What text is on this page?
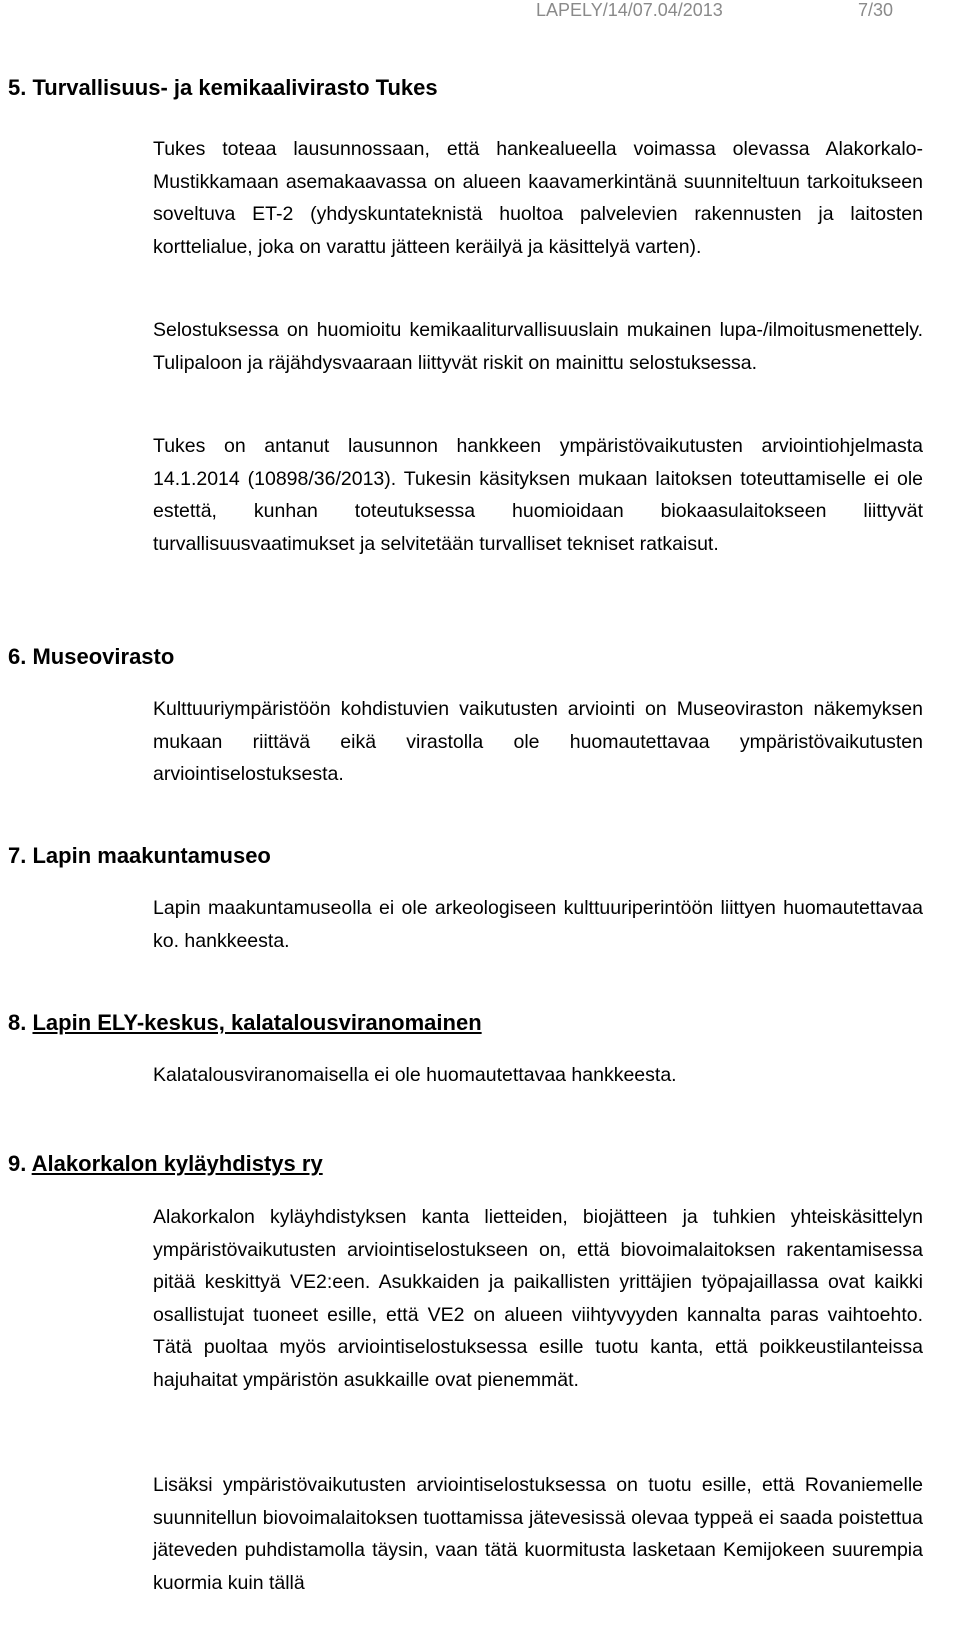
LAPELY/14/07.04/2013	7/30
5. Turvallisuus- ja kemikaalivirasto Tukes
Tukes toteaa lausunnossaan, että hankealueella voimassa olevassa Alakorkalo-Mustikkamaan asemakaavassa on alueen kaavamerkintänä suunniteltuun tarkoitukseen soveltuva ET-2 (yhdyskuntateknistä huoltoa palvelevien rakennusten ja laitosten korttelialue, joka on varattu jätteen keräilyä ja käsittelyä varten).
Selostuksessa on huomioitu kemikaaliturvallisuuslain mukainen lupa-/ilmoitusmenettely. Tulipaloon ja räjähdysvaaraan liittyvät riskit on mainittu selostuksessa.
Tukes on antanut lausunnon hankkeen ympäristövaikutusten arviointiohjelmasta 14.1.2014 (10898/36/2013). Tukesin käsityksen mukaan laitoksen toteuttamiselle ei ole estettä, kunhan toteutuksessa huomioidaan biokaasulaitokseen liittyvät turvallisuusvaatimukset ja selvitetään turvalliset tekniset ratkaisut.
6. Museovirasto
Kulttuuriympäristöön kohdistuvien vaikutusten arviointi on Museoviraston näkemyksen mukaan riittävä eikä virastolla ole huomautettavaa ympäristövaikutusten arviointiselostuksesta.
7. Lapin maakuntamuseo
Lapin maakuntamuseolla ei ole arkeologiseen kulttuuriperintöön liittyen huomautettavaa ko. hankkeesta.
8. Lapin ELY-keskus, kalatalousviranomainen
Kalatalousviranomaisella ei ole huomautettavaa hankkeesta.
9. Alakorkalon kyläyhdistys ry
Alakorkalon kyläyhdistyksen kanta lietteiden, biojätteen ja tuhkien yhteiskäsittelyn ympäristövaikutusten arviointiselostukseen on, että biovoimalaitoksen rakentamisessa pitää keskittyä VE2:een. Asukkaiden ja paikallisten yrittäjien työpajaillassa ovat kaikki osallistujat tuoneet esille, että VE2 on alueen viihtyvyyden kannalta paras vaihtoehto. Tätä puoltaa myös arviointiselostuksessa esille tuotu kanta, että poikkeustilanteissa hajuhaitat ympäristön asukkaille ovat pienemmät.
Lisäksi ympäristövaikutusten arviointiselostuksessa on tuotu esille, että Rovaniemelle suunnitellun biovoimalaitoksen tuottamissa jätevesissä olevaa typpeä ei saada poistettua jäteveden puhdistamolla täysin, vaan tätä kuormitusta lasketaan Kemijokeen suurempia kuormia kuin tällä
